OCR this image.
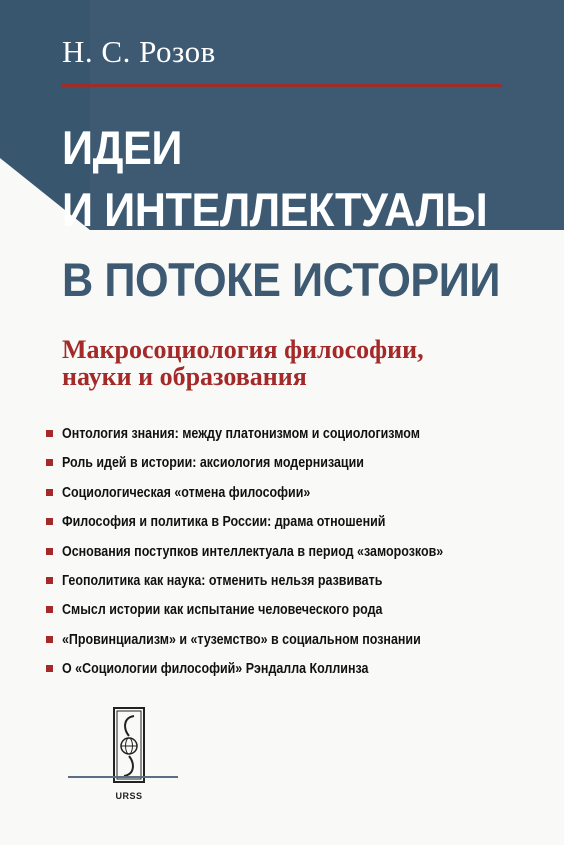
Н. С. Розов
ИДЕИ
И ИНТЕЛЛЕКТУАЛЫ
В ПОТОКЕ ИСТОРИИ
Макросоциология философии,
науки и образования
Онтология знания: между платонизмом и социологизмом
Роль идей в истории: аксиология модернизации
Социологическая «отмена философии»
Философия и политика в России: драма отношений
Основания поступков интеллектуала в период «заморозков»
Геополитика как наука: отменить нельзя развивать
Смысл истории как испытание человеческого рода
«Провинциализм» и «туземство» в социальном познании
О «Социологии философий» Рэндалла Коллинза
URSS
